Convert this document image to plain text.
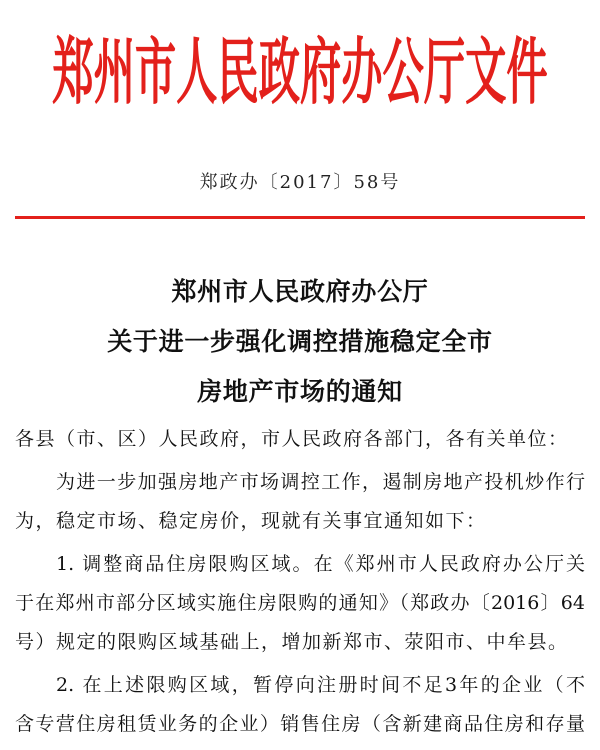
郑州市人民政府办公厅文件
郑政办〔2017〕58号
郑州市人民政府办公厅
关于进一步强化调控措施稳定全市
房地产市场的通知
各县（市、区）人民政府，市人民政府各部门，各有关单位：
为进一步加强房地产市场调控工作，遏制房地产投机炒作行
为，稳定市场、稳定房价，现就有关事宜通知如下：
1. 调整商品住房限购区域。在《郑州市人民政府办公厅关
于在郑州市部分区域实施住房限购的通知》（郑政办〔2016〕64
号）规定的限购区域基础上，增加新郑市、荥阳市、中牟县。
2. 在上述限购区域，暂停向注册时间不足3年的企业（不
含专营住房租赁业务的企业）销售住房（含新建商品住房和存量
